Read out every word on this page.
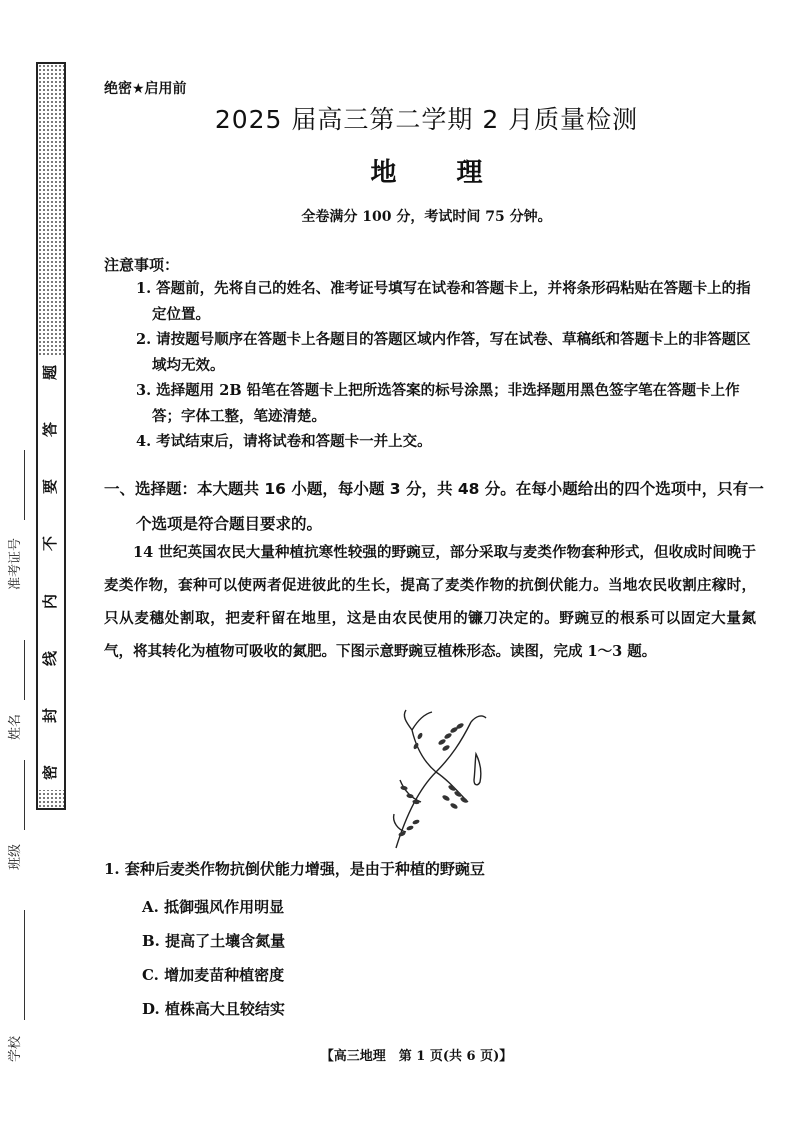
题
答
要
不
内
线
封
密
学校
班级
姓名
准考证号
绝密★启用前
2025 届高三第二学期 2 月质量检测
地理
全卷满分 100 分，考试时间 75 分钟。
注意事项：
1. 答题前，先将自己的姓名、准考证号填写在试卷和答题卡上，并将条形码粘贴在答题卡上的指定位置。
2. 请按题号顺序在答题卡上各题目的答题区域内作答，写在试卷、草稿纸和答题卡上的非答题区域均无效。
3. 选择题用 2B 铅笔在答题卡上把所选答案的标号涂黑；非选择题用黑色签字笔在答题卡上作答；字体工整，笔迹清楚。
4. 考试结束后，请将试卷和答题卡一并上交。
一、选择题：本大题共 16 小题，每小题 3 分，共 48 分。在每小题给出的四个选项中，只有一
个选项是符合题目要求的。

14 世纪英国农民大量种植抗寒性较强的野豌豆，部分采取与麦类作物套种形式，但收成时间晚于麦类作物，套种可以使两者促进彼此的生长，提高了麦类作物的抗倒伏能力。当地农民收割庄稼时，只从麦穗处割取，把麦秆留在地里，这是由农民使用的镰刀决定的。野豌豆的根系可以固定大量氮气，将其转化为植物可吸收的氮肥。下图示意野豌豆植株形态。读图，完成 1～3 题。

1. 套种后麦类作物抗倒伏能力增强，是由于种植的野豌豆
A. 抵御强风作用明显
B. 提高了土壤含氮量
C. 增加麦苗种植密度
D. 植株高大且较结实
【高三地理　第 1 页(共 6 页)】
